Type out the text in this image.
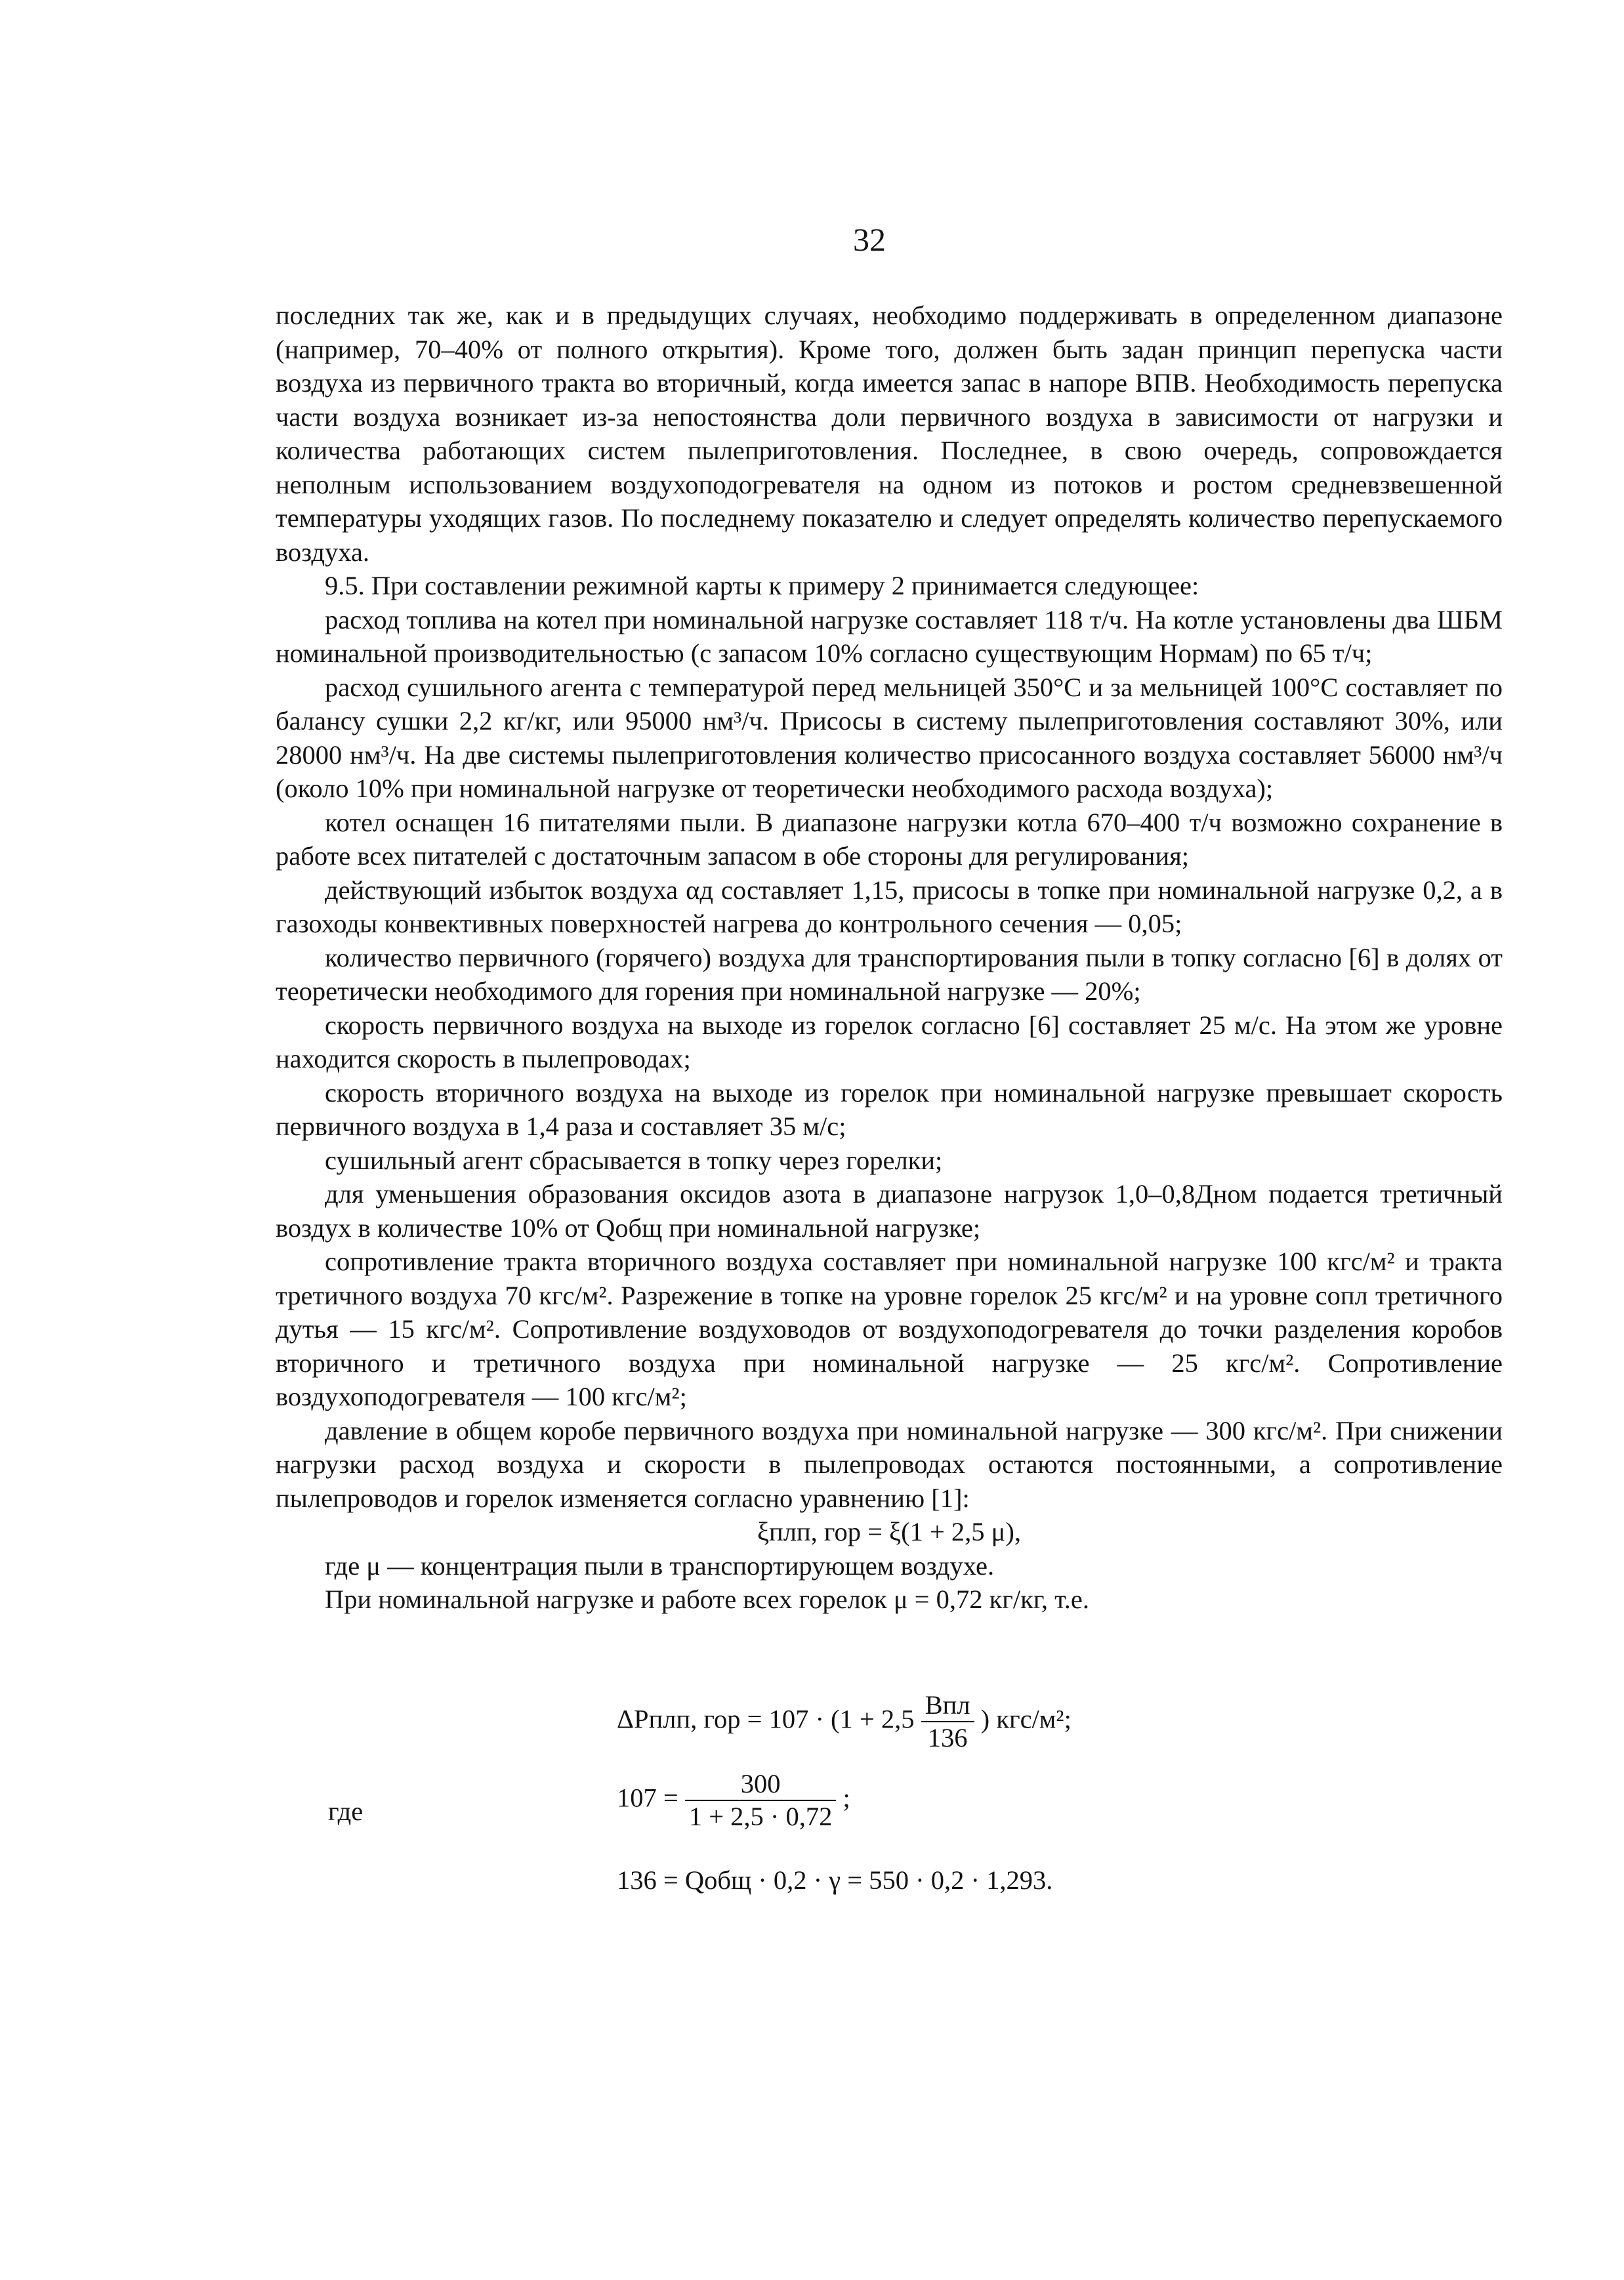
32

последних так же, как и в предыдущих случаях, необходимо поддерживать в определенном диапазоне (например, 70–40% от полного открытия). Кроме того, должен быть задан принцип перепуска части воздуха из первичного тракта во вторичный, когда имеется запас в напоре ВПВ. Необходимость перепуска части воздуха возникает из-за непостоянства доли первичного воздуха в зависимости от нагрузки и количества работающих систем пылеприготовления. Последнее, в свою очередь, сопровождается неполным использованием воздухоподогревателя на одном из потоков и ростом средневзвешенной температуры уходящих газов. По последнему показателю и следует определять количество перепускаемого воздуха.

9.5. При составлении режимной карты к примеру 2 принимается следующее:

расход топлива на котел при номинальной нагрузке составляет 118 т/ч. На котле установлены два ШБМ номинальной производительностью (с запасом 10% согласно существующим Нормам) по 65 т/ч;

расход сушильного агента с температурой перед мельницей 350°С и за мельницей 100°С составляет по балансу сушки 2,2 кг/кг, или 95000 нм³/ч. Присосы в систему пылеприготовления составляют 30%, или 28000 нм³/ч. На две системы пылеприготовления количество присосанного воздуха составляет 56000 нм³/ч (около 10% при номинальной нагрузке от теоретически необходимого расхода воздуха);

котел оснащен 16 питателями пыли. В диапазоне нагрузки котла 670–400 т/ч возможно сохранение в работе всех питателей с достаточным запасом в обе стороны для регулирования;

действующий избыток воздуха αд составляет 1,15, присосы в топке при номинальной нагрузке 0,2, а в газоходы конвективных поверхностей нагрева до контрольного сечения — 0,05;

количество первичного (горячего) воздуха для транспортирования пыли в топку согласно [6] в долях от теоретически необходимого для горения при номинальной нагрузке — 20%;

скорость первичного воздуха на выходе из горелок согласно [6] составляет 25 м/с. На этом же уровне находится скорость в пылепроводах;

скорость вторичного воздуха на выходе из горелок при номинальной нагрузке превышает скорость первичного воздуха в 1,4 раза и составляет 35 м/с;

сушильный агент сбрасывается в топку через горелки;

для уменьшения образования оксидов азота в диапазоне нагрузок 1,0–0,8Дном подается третичный воздух в количестве 10% от Qобщ при номинальной нагрузке;

сопротивление тракта вторичного воздуха составляет при номинальной нагрузке 100 кгс/м² и тракта третичного воздуха 70 кгс/м². Разрежение в топке на уровне горелок 25 кгс/м² и на уровне сопл третичного дутья — 15 кгс/м². Сопротивление воздуховодов от воздухоподогревателя до точки разделения коробов вторичного и третичного воздуха при номинальной нагрузке — 25 кгс/м². Сопротивление воздухоподогревателя — 100 кгс/м²;

давление в общем коробе первичного воздуха при номинальной нагрузке — 300 кгс/м². При снижении нагрузки расход воздуха и скорости в пылепроводах остаются постоянными, а сопротивление пылепроводов и горелок изменяется согласно уравнению [1]:

ξплп, гор = ξ(1 + 2,5 μ),

где μ — концентрация пыли в транспортирующем воздухе.

При номинальной нагрузке и работе всех горелок μ = 0,72 кг/кг, т.е.

ΔPплп, гор = $107 \cdot (1 + 2,5 \frac{\text{Bпл}}{136}$ ) кгс/м²;
где	$107 = \frac{300}{1 + 2,5 \cdot 0,72}$ ;
136 = Qобщ · 0,2 · γ = 550 · 0,2 · 1,293.
